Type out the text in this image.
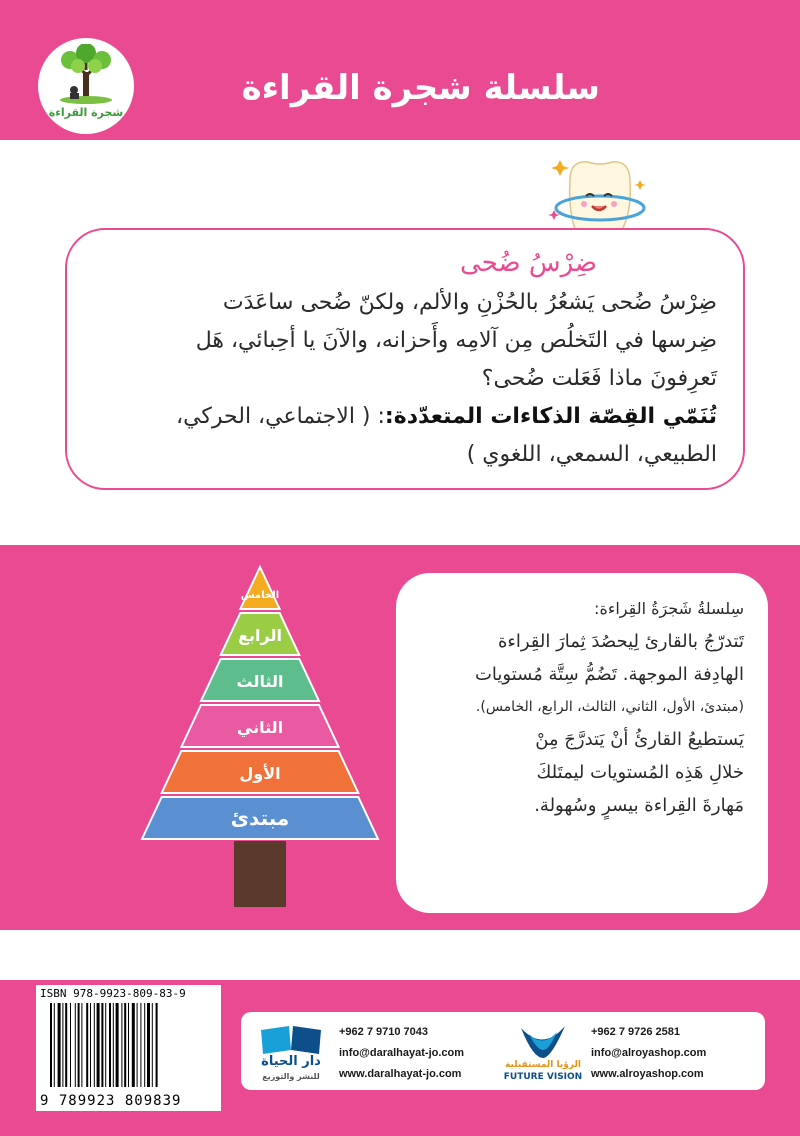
شجرة القراءة
سلسلة شجرة القراءة
ضِرْسُ ضُحى
ضِرْسُ ضُحى يَشعُرُ بالحُزْنِ والألم، ولكنّ ضُحى ساعَدَت
ضِرسها في التَخلُص مِن آلامِه وأَحزانه، والآنَ يا أحِبائي، هَل
تَعرِفونَ ماذا فَعَلت ضُحى؟
تُنَمّي القِصّة الذكاءات المتعدّدة:: ( الاجتماعي، الحركي،
الطبيعي، السمعي، اللغوي )
الخامس
الرابع
الثالث
الثاني
الأول
مبتدئ

سِلسلةُ شَجرَةُ القِراءة:

تَتدرّجُ بالقارئ لِيحصُدَ ثِمارَ القِراءة

الهادِفة الموجهة. تَضُمُّ سِتَّة مُستويات

(مبتدئ، الأول، الثاني، الثالث، الرابع، الخامس).

يَستطيعُ القارئُ أنْ يَتدرَّجَ مِنْ

خلالِ هَذِه المُستويات ليمتَلكَ

مَهارةَ القِراءة بيسرٍ وسُهولة.

ISBN 978-9923-809-83-9
9 789923 809839
دار الحياة
للنشر والتوزيع
+962 7 9710 7043
info@daralhayat-jo.com
www.daralhayat-jo.com
الرؤيا المستقبلية
FUTURE VISION
+962 7 9726 2581
info@alroyashop.com
www.alroyashop.com
